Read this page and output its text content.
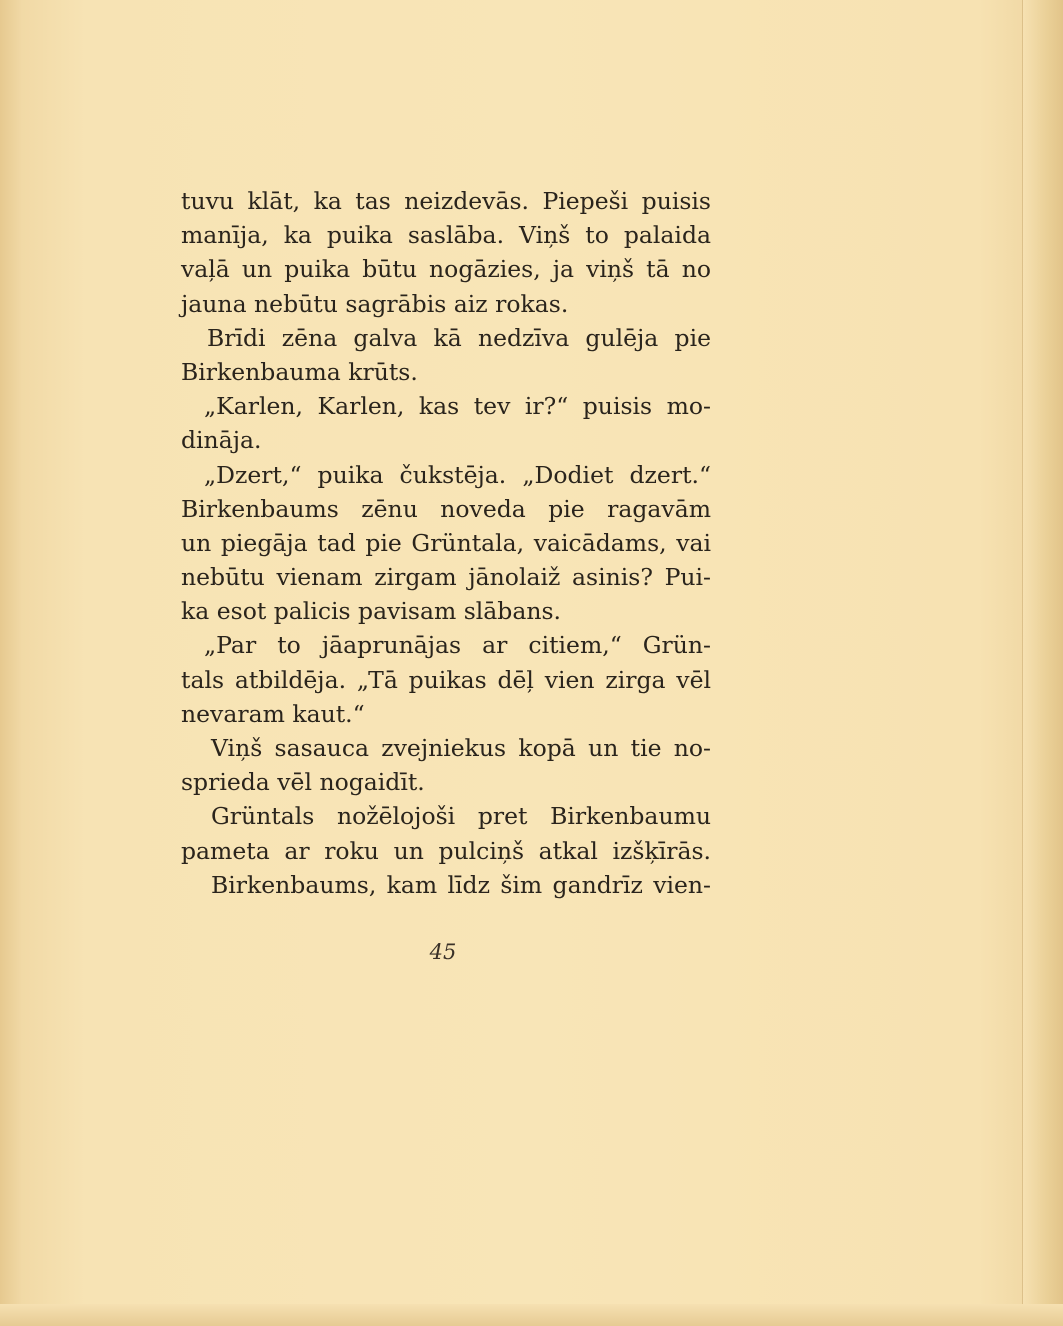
tuvu klāt, ka tas neizdevās. Piepeši puisis
manīja, ka puika saslāba. Viņš to palaida
vaļā un puika būtu nogāzies, ja viņš tā no
jauna nebūtu sagrābis aiz rokas.
Brīdi zēna galva kā nedzīva gulēja pie
Birkenbauma krūts.
„Karlen, Karlen, kas tev ir?“ puisis mo-
dināja.
„Dzert,“ puika čukstēja. „Dodiet dzert.“
Birkenbaums zēnu noveda pie ragavām
un piegāja tad pie Grüntala, vaicādams, vai
nebūtu vienam zirgam jānolaiž asinis? Pui-
ka esot palicis pavisam slābans.
„Par to jāaprunājas ar citiem,“ Grün-
tals atbildēja. „Tā puikas dēļ vien zirga vēl
nevaram kaut.“
Viņš sasauca zvejniekus kopā un tie no-
sprieda vēl nogaidīt.
Grüntals nožēlojoši pret Birkenbaumu
pameta ar roku un pulciņš atkal izšķīrās.
Birkenbaums, kam līdz šim gandrīz vien-
45
